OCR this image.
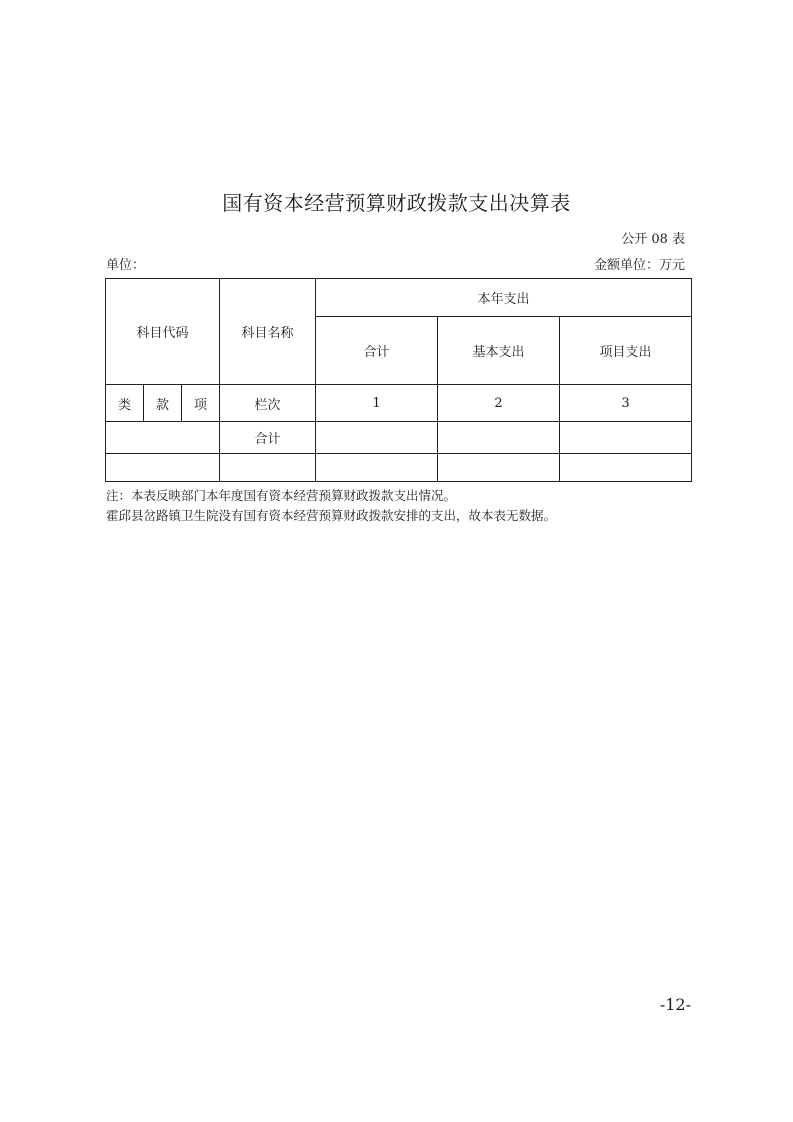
国有资本经营预算财政拨款支出决算表
公开 08 表
单位：	金额单位：万元
科目代码			科目名称	本年支出		
				合计	基本支出	项目支出
类	款	项	栏次	1	2	3
			合计			

注：本表反映部门本年度国有资本经营预算财政拨款支出情况。
霍邱县岔路镇卫生院没有国有资本经营预算财政拨款安排的支出，故本表无数据。
-12-
